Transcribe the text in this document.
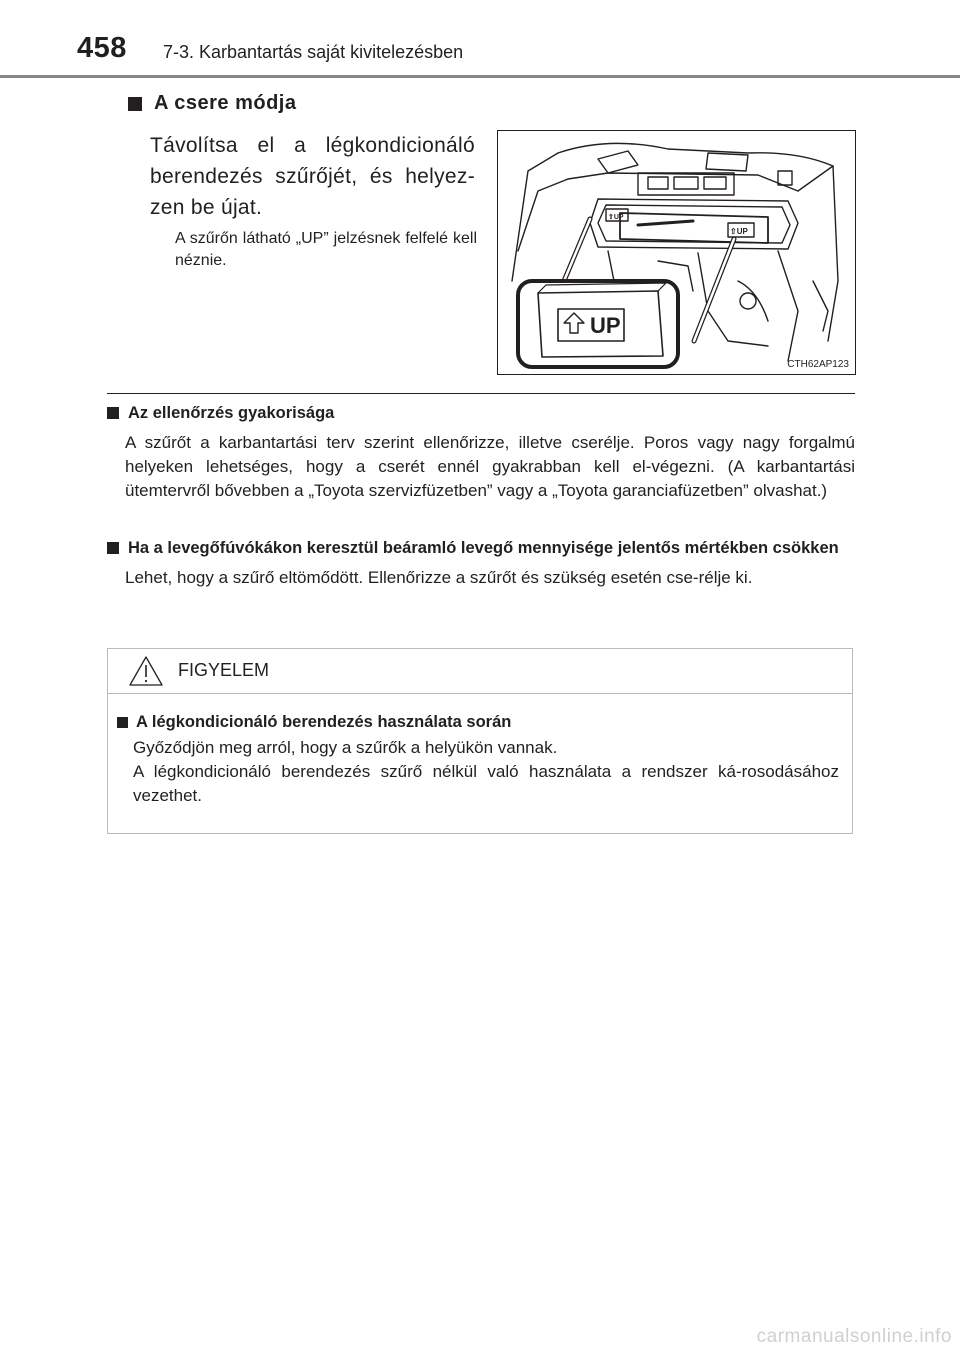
458 7-3. Karbantartás saját kivitelezésben
A csere módja
Távolítsa el a légkondicionáló berendezés szűrőjét, és helyez-zen be újat.
A szűrőn látható „UP” jelzésnek felfelé kell néznie.
UP
⇧UP
⇧UP
CTH62AP123
Az ellenőrzés gyakorisága
A szűrőt a karbantartási terv szerint ellenőrizze, illetve cserélje. Poros vagy nagy forgalmú helyeken lehetséges, hogy a cserét ennél gyakrabban kell el-végezni. (A karbantartási ütemtervről bővebben a „Toyota szervizfüzetben” vagy a „Toyota garanciafüzetben” olvashat.)
Ha a levegőfúvókákon keresztül beáramló levegő mennyisége jelentős mértékben csökken
Lehet, hogy a szűrő eltömődött. Ellenőrizze a szűrőt és szükség esetén cse-rélje ki.
FIGYELEM
A légkondicionáló berendezés használata során
Győződjön meg arról, hogy a szűrők a helyükön vannak.
A légkondicionáló berendezés szűrő nélkül való használata a rendszer ká-rosodásához vezethet.
carmanualsonline.info
